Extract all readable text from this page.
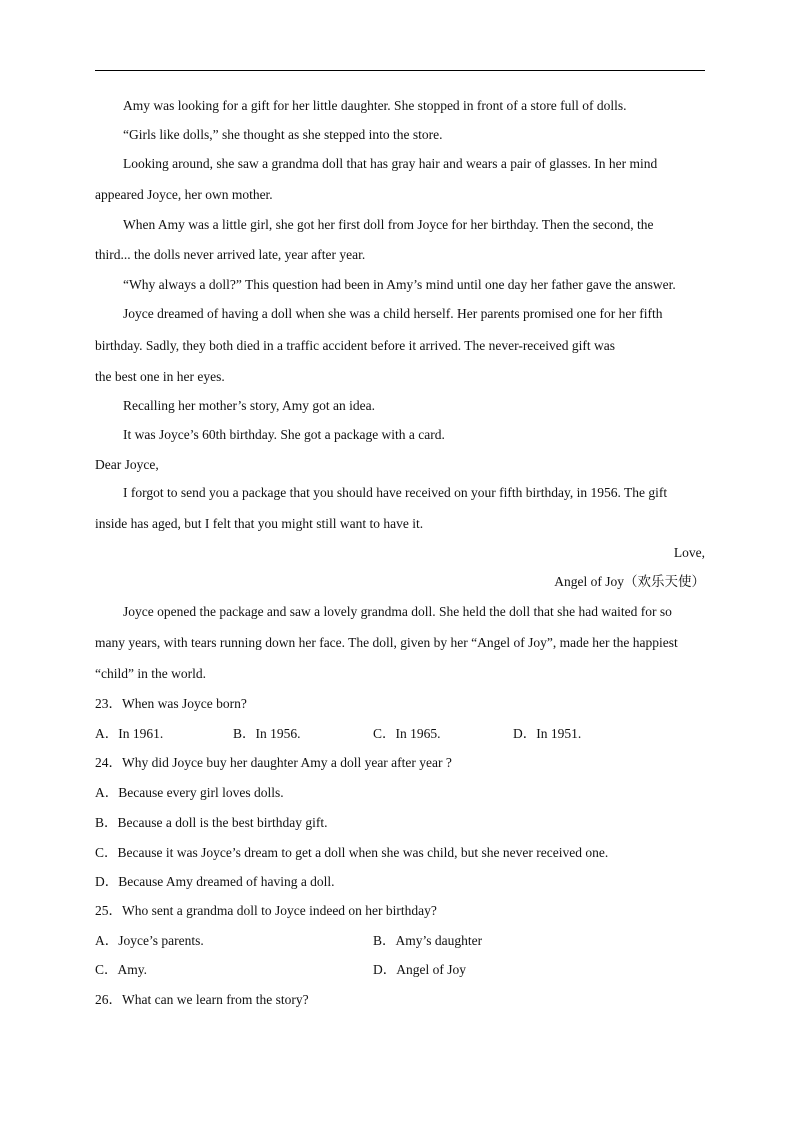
Amy was looking for a gift for her little daughter. She stopped in front of a store full of dolls.
“Girls like dolls,” she thought as she stepped into the store.
Looking around, she saw a grandma doll that has gray hair and wears a pair of glasses. In her mind
appeared Joyce, her own mother.
When Amy was a little girl, she got her first doll from Joyce for her birthday. Then the second, the
third... the dolls never arrived late, year after year.
“Why always a doll?” This question had been in Amy’s mind until one day her father gave the answer.
Joyce dreamed of having a doll when she was a child herself. Her parents promised one for her fifth
birthday. Sadly, they both died in a traffic accident before it arrived. The never-received gift was
the best one in her eyes.
Recalling her mother’s story, Amy got an idea.
It was Joyce’s 60th birthday. She got a package with a card.
Dear Joyce,
I forgot to send you a package that you should have received on your fifth birthday, in 1956. The gift
inside has aged, but I felt that you might still want to have it.
Love,
Angel of Joy（欢乐天使）
Joyce opened the package and saw a lovely grandma doll. She held the doll that she had waited for so
many years, with tears running down her face. The doll, given by her “Angel of Joy”, made her the happiest
“child” in the world.
23．When was Joyce born?
A．In 1961.	B．In 1956.	C．In 1965.	D．In 1951.
24．Why did Joyce buy her daughter Amy a doll year after year ?
A．Because every girl loves dolls.
B．Because a doll is the best birthday gift.
C．Because it was Joyce’s dream to get a doll when she was child, but she never received one.
D．Because Amy dreamed of having a doll.
25．Who sent a grandma doll to Joyce indeed on her birthday?
A．Joyce’s parents.	B．Amy’s daughter
C．Amy.	D．Angel of Joy
26．What can we learn from the story?
